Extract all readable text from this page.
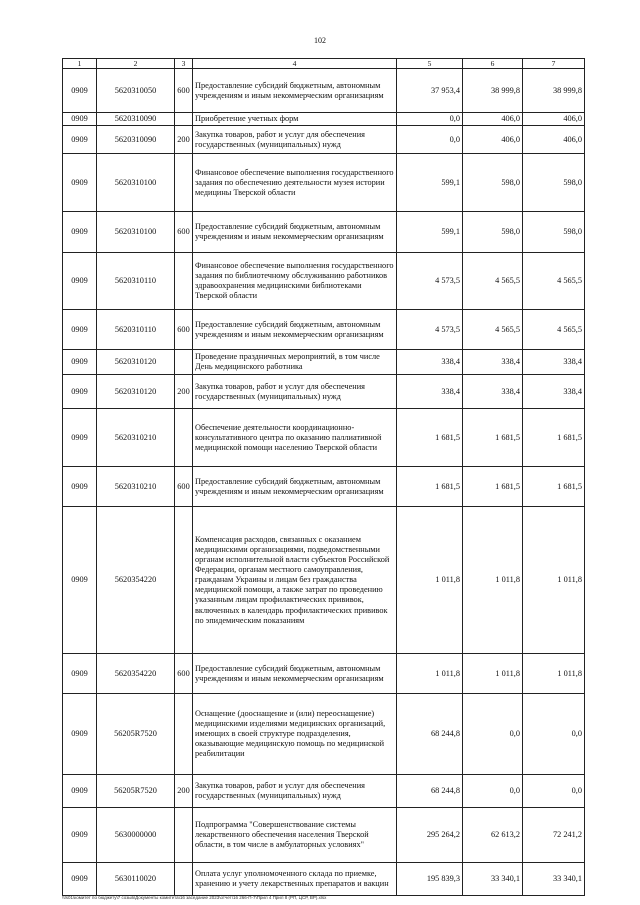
102
1	2	3	4	5	6	7
0909	5620310050	600	Предоставление субсидий бюджетным, автономным учреждениям и иным некоммерческим организациям	37 953,4	38 999,8	38 999,8
0909	5620310090		Приобретение учетных форм	0,0	406,0	406,0
0909	5620310090	200	Закупка товаров, работ и услуг для обеспечения государственных (муниципальных) нужд	0,0	406,0	406,0
0909	5620310100		Финансовое обеспечение выполнения государственного задания по обеспечению деятельности музея истории медицины Тверской области	599,1	598,0	598,0
0909	5620310100	600	Предоставление субсидий бюджетным, автономным учреждениям и иным некоммерческим организациям	599,1	598,0	598,0
0909	5620310110		Финансовое обеспечение выполнения государственного задания по библиотечному обслуживанию работников здравоохранения медицинскими библиотеками Тверской области	4 573,5	4 565,5	4 565,5
0909	5620310110	600	Предоставление субсидий бюджетным, автономным учреждениям и иным некоммерческим организациям	4 573,5	4 565,5	4 565,5
0909	5620310120		Проведение праздничных мероприятий, в том числе День медицинского работника	338,4	338,4	338,4
0909	5620310120	200	Закупка товаров, работ и услуг для обеспечения государственных (муниципальных) нужд	338,4	338,4	338,4
0909	5620310210		Обеспечение деятельности координационно-консультативного центра по оказанию паллиативной медицинской помощи населению Тверской области	1 681,5	1 681,5	1 681,5
0909	5620310210	600	Предоставление субсидий бюджетным, автономным учреждениям и иным некоммерческим организациям	1 681,5	1 681,5	1 681,5
0909	5620354220		Компенсация расходов, связанных с оказанием медицинскими организациями, подведомственными органам исполнительной власти субъектов Российской Федерации, органам местного самоуправления, гражданам Украины и лицам без гражданства медицинской помощи, а также затрат по проведению указанным лицам профилактических прививок, включенных в календарь профилактических прививок по эпидемическим показаниям	1 011,8	1 011,8	1 011,8
0909	5620354220	600	Предоставление субсидий бюджетным, автономным учреждениям и иным некоммерческим организациям	1 011,8	1 011,8	1 011,8
0909	56205R7520		Оснащение (дооснащение и (или) переоснащение) медицинскими изделиями медицинских организаций, имеющих в своей структуре подразделения, оказывающие медицинскую помощь по медицинской реабилитации	68 244,8	0,0	0,0
0909	56205R7520	200	Закупка товаров, работ и услуг для обеспечения государственных (муниципальных) нужд	68 244,8	0,0	0,0
0909	5630000000		Подпрограмма "Совершенствование системы лекарственного обеспечения населения Тверской области, в том числе в амбулаторных условиях"	295 264,2	62 613,2	72 241,2
0909	5630110020		Оплата услуг уполномоченного склада по приемке, хранению и учету лекарственных препаратов и вакцин	195 839,3	33 340,1	33 340,1
\\fs01\комитет по бюджету\7 созыв\Документы комитета\16 заседание 2023\отчет\16 266-П-7\Прил 4 Прил 8 (РП, ЦСР, ВР).xlsx
